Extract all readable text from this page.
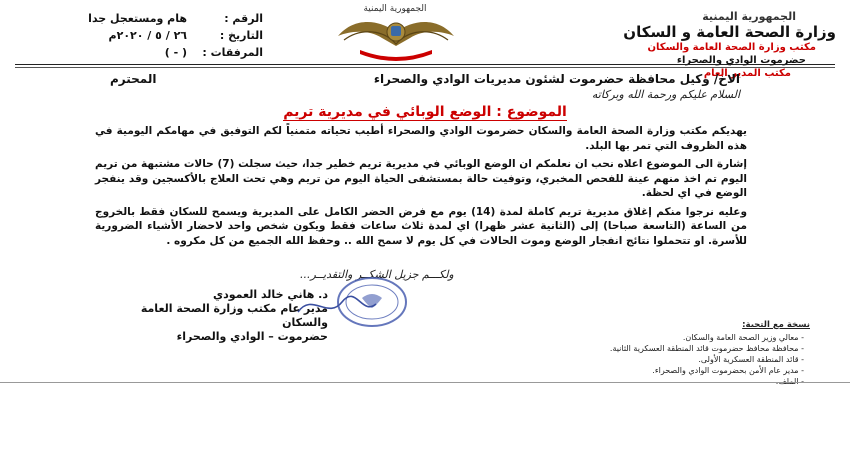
الجمهورية اليمنية
وزارة الصحة العامة و السكان
مكتب وزارة الصحة العامة والسكان
حضرموت الوادي والصحراء
مكتب المدير العام
الجمهورية اليمنية
الرقم :
هام ومستعجل جدا
التاريخ :
٢٦ / ٥ / ٢٠٢٠م
المرفقات :
( - )
الاخ/ وكيل محافظة حضرموت لشئون مديريات الوادي والصحراء
المحترم
السلام عليكم ورحمة الله وبركاته
الموضوع : الوضع الوبائي في مديرية تريم

يهديكم مكتب وزارة الصحة العامة والسكان حضرموت الوادي والصحراء أطيب تحياته متمنياً لكم التوفيق في مهامكم اليومية في هذه الظروف التي تمر بها البلد.

إشارة الى الموضوع اعلاه نحب ان نعلمكم ان الوضع الوبائي في مديرية تريم خطير جدا، حيث سجلت (7) حالات مشتبهة من تريم اليوم تم اخذ منهم عينة للفحص المخبري، وتوفيت حالة بمستشفى الحياة اليوم من تريم وهي تحت العلاج بالأكسجين وقد ينفجر الوضع في اي لحظة.

وعليه نرجوا منكم إغلاق مديرية تريم كاملة لمدة (14) يوم مع فرض الحضر الكامل على المديرية ويسمح للسكان فقط بالخروج من الساعة (التاسعة صباحا) إلى (الثانية عشر ظهرا) اي لمدة ثلاث ساعات فقط ويكون شخص واحد لاحضار الأشياء الضرورية للأسرة. او تتحملوا نتائج انفجار الوضع وموت الحالات في كل يوم لا سمح الله .. وحفظ الله الجميع من كل مكروه .

ولكـــم جزيل الشكــر والتقديــر...
د. هاني خالد العمودي
مدير عام مكتب وزارة الصحة العامة والسكان
حضرموت – الوادي والصحراء
نسخة مع التحية:
- معالي وزير الصحة العامة والسكان.
- محافظة محافظ حضرموت قائد المنطقة العسكرية الثانية.
- قائد المنطقة العسكرية الأولى.
- مدير عام الأمن بحضرموت الوادي والصحراء.
- الملف.
